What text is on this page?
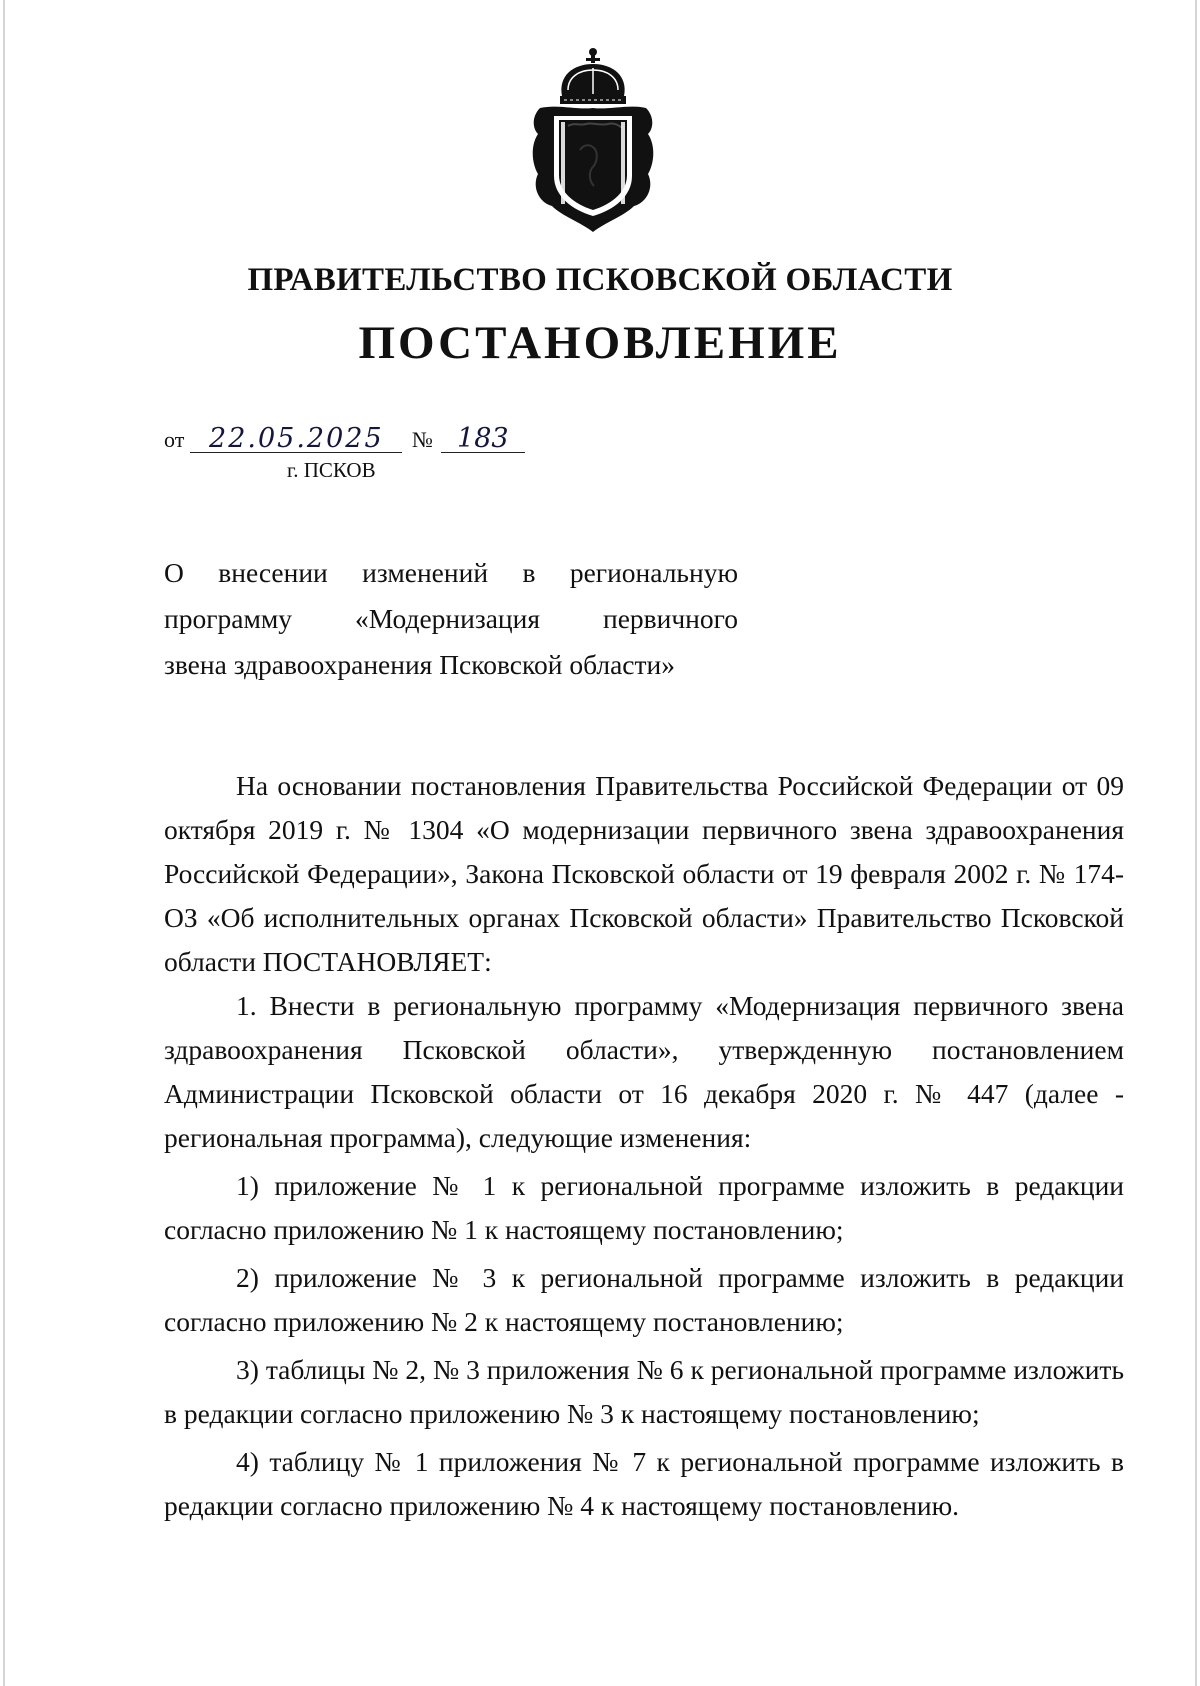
ПРАВИТЕЛЬСТВО ПСКОВСКОЙ ОБЛАСТИ
ПОСТАНОВЛЕНИЕ
от 22.05.2025 № 183
г. ПСКОВ

О внесении изменений в региональную

программу «Модернизация первичного

звена здравоохранения Псковской области»

На основании постановления Правительства Российской Федерации от 09 октября 2019 г. № 1304 «О модернизации первичного звена здравоохранения Российской Федерации», Закона Псковской области от 19 февраля 2002 г. № 174-ОЗ «Об исполнительных органах Псковской области» Правительство Псковской области ПОСТАНОВЛЯЕТ:

1. Внести в региональную программу «Модернизация первичного звена здравоохранения Псковской области», утвержденную постановлением Администрации Псковской области от 16 декабря 2020 г. № 447 (далее - региональная программа), следующие изменения:

1) приложение № 1 к региональной программе изложить в редакции согласно приложению № 1 к настоящему постановлению;

2) приложение № 3 к региональной программе изложить в редакции согласно приложению № 2 к настоящему постановлению;

3) таблицы № 2, № 3 приложения № 6 к региональной программе изложить в редакции согласно приложению № 3 к настоящему постановлению;

4) таблицу № 1 приложения № 7 к региональной программе изложить в редакции согласно приложению № 4 к настоящему постановлению.
